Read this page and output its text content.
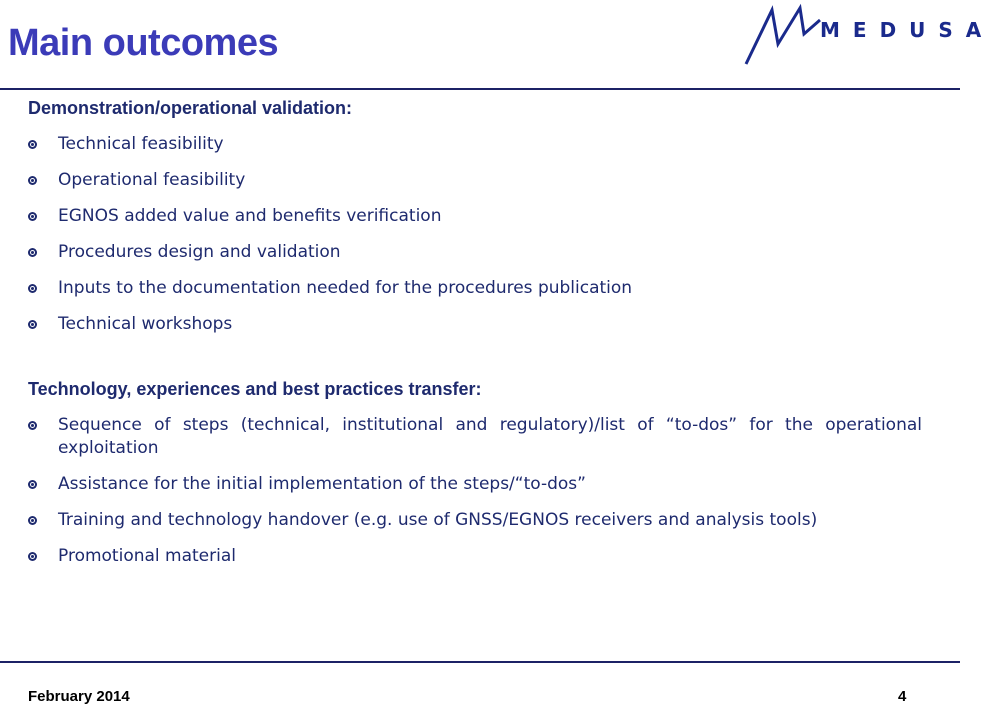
Main outcomes	MEDUSA

Demonstration/operational validation:

Technical feasibility
Operational feasibility
EGNOS added value and benefits verification
Procedures design and validation
Inputs to the documentation needed for the procedures publication
Technical workshops

Technology, experiences and best practices transfer:

Sequence of steps (technical, institutional and regulatory)/list of “to-dos” for the operational exploitation
Assistance for the initial implementation of the steps/“to-dos”
Training and technology handover (e.g. use of GNSS/EGNOS receivers and analysis tools)
Promotional material
February 2014	4
